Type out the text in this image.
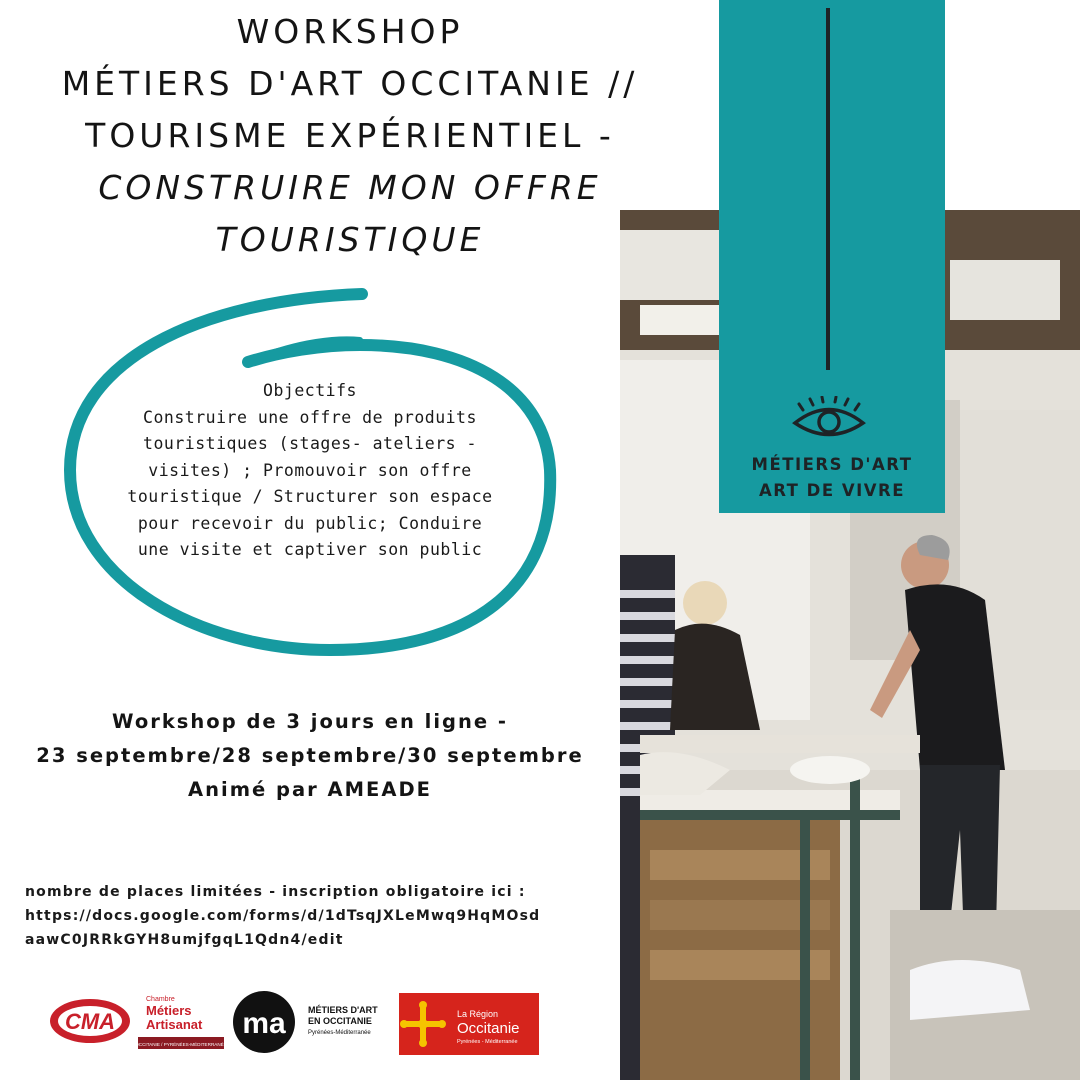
MÉTIERS D'ART
ART DE VIVRE
WORKSHOP
MÉTIERS D'ART OCCITANIE //
TOURISME EXPÉRIENTIEL -
CONSTRUIRE MON OFFRE
TOURISTIQUE
Objectifs
Construire une offre de produits
touristiques (stages- ateliers -
visites) ; Promouvoir son offre
touristique / Structurer son espace
pour recevoir du public; Conduire
une visite et captiver son public
Workshop de 3 jours en ligne -
23 septembre/28 septembre/30 septembre
Animé par AMEADE
nombre de places limitées - inscription obligatoire ici :
https://docs.google.com/forms/d/1dTsqJXLeMwq9HqMOsd
aawC0JRRkGYH8umjfgqL1Qdn4/edit
CMA
Chambre
Métiers
Artisanat
OCCITANIE / PYRÉNÉES-MÉDITERRANÉE
ma MÉTIERS D'ART
EN OCCITANIE
Pyrénées-Méditerranée
La Région
Occitanie
Pyrénées - Méditerranée
